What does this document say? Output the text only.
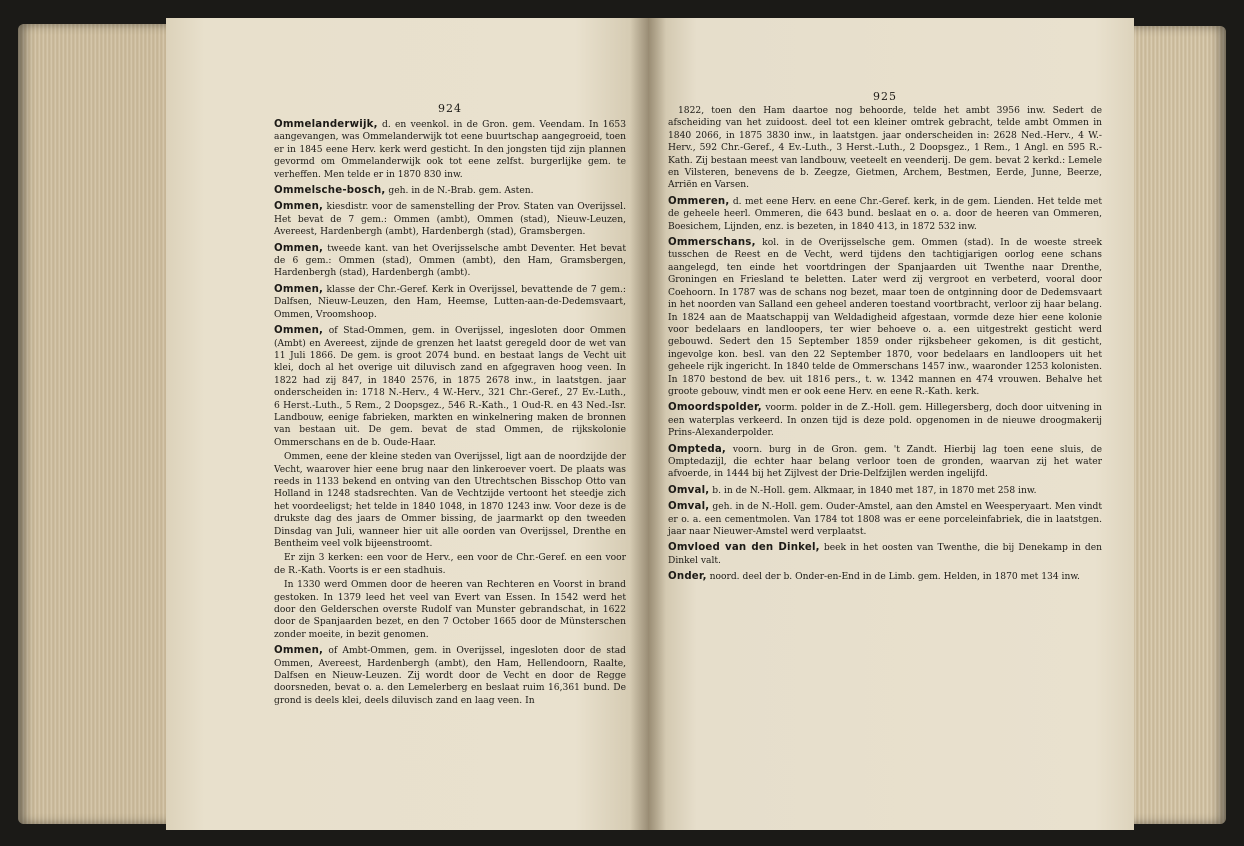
924

Ommelanderwijk, d. en veenkol. in de Gron. gem. Veendam. In 1653 aangevangen, was Ommelanderwijk tot eene buurtschap aangegroeid, toen er in 1845 eene Herv. kerk werd gesticht. In den jongsten tijd zijn plannen gevormd om Ommelanderwijk ook tot eene zelfst. burgerlijke gem. te verheffen. Men telde er in 1870 830 inw.

Ommelsche-bosch, geh. in de N.-Brab. gem. Asten.

Ommen, kiesdistr. voor de samenstelling der Prov. Staten van Overijssel. Het bevat de 7 gem.: Ommen (ambt), Ommen (stad), Nieuw-Leuzen, Avereest, Hardenbergh (ambt), Hardenbergh (stad), Gramsbergen.

Ommen, tweede kant. van het Overijsselsche ambt Deventer. Het bevat de 6 gem.: Ommen (stad), Ommen (ambt), den Ham, Gramsbergen, Hardenbergh (stad), Hardenbergh (ambt).

Ommen, klasse der Chr.-Geref. Kerk in Overijssel, bevattende de 7 gem.: Dalfsen, Nieuw-Leuzen, den Ham, Heemse, Lutten-aan-de-Dedemsvaart, Ommen, Vroomshoop.

Ommen, of Stad-Ommen, gem. in Overijssel, ingesloten door Ommen (Ambt) en Avereest, zijnde de grenzen het laatst geregeld door de wet van 11 Juli 1866. De gem. is groot 2074 bund. en bestaat langs de Vecht uit klei, doch al het overige uit diluvisch zand en afgegraven hoog veen. In 1822 had zij 847, in 1840 2576, in 1875 2678 inw., in laatstgen. jaar onderscheiden in: 1718 N.-Herv., 4 W.-Herv., 321 Chr.-Geref., 27 Ev.-Luth., 6 Herst.-Luth., 5 Rem., 2 Doopsgez., 546 R.-Kath., 1 Oud-R. en 43 Ned.-Isr. Landbouw, eenige fabrieken, markten en winkelnering maken de bronnen van bestaan uit. De gem. bevat de stad Ommen, de rijkskolonie Ommerschans en de b. Oude-Haar.

Ommen, eene der kleine steden van Overijssel, ligt aan de noordzijde der Vecht, waarover hier eene brug naar den linkeroever voert. De plaats was reeds in 1133 bekend en ontving van den Utrechtschen Bisschop Otto van Holland in 1248 stadsrechten. Van de Vechtzijde vertoont het steedje zich het voordeeligst; het telde in 1840 1048, in 1870 1243 inw. Voor deze is de drukste dag des jaars de Ommer bissing, de jaarmarkt op den tweeden Dinsdag van Juli, wanneer hier uit alle oorden van Overijssel, Drenthe en Bentheim veel volk bijeenstroomt.

Er zijn 3 kerken: een voor de Herv., een voor de Chr.-Geref. en een voor de R.-Kath. Voorts is er een stadhuis.

In 1330 werd Ommen door de heeren van Rechteren en Voorst in brand gestoken. In 1379 leed het veel van Evert van Essen. In 1542 werd het door den Gelderschen overste Rudolf van Munster gebrandschat, in 1622 door de Spanjaarden bezet, en den 7 October 1665 door de Münsterschen zonder moeite, in bezit genomen.

Ommen, of Ambt-Ommen, gem. in Overijssel, ingesloten door de stad Ommen, Avereest, Hardenbergh (ambt), den Ham, Hellendoorn, Raalte, Dalfsen en Nieuw-Leuzen. Zij wordt door de Vecht en door de Regge doorsneden, bevat o. a. den Lemelerberg en beslaat ruim 16,361 bund. De grond is deels klei, deels diluvisch zand en laag veen. In

925

1822, toen den Ham daartoe nog behoorde, telde het ambt 3956 inw. Sedert de afscheiding van het zuidoost. deel tot een kleiner omtrek gebracht, telde ambt Ommen in 1840 2066, in 1875 3830 inw., in laatstgen. jaar onderscheiden in: 2628 Ned.-Herv., 4 W.-Herv., 592 Chr.-Geref., 4 Ev.-Luth., 3 Herst.-Luth., 2 Doopsgez., 1 Rem., 1 Angl. en 595 R.-Kath. Zij bestaan meest van landbouw, veeteelt en veenderij. De gem. bevat 2 kerkd.: Lemele en Vilsteren, benevens de b. Zeegze, Gietmen, Archem, Bestmen, Eerde, Junne, Beerze, Arriën en Varsen.

Ommeren, d. met eene Herv. en eene Chr.-Geref. kerk, in de gem. Lienden. Het telde met de geheele heerl. Ommeren, die 643 bund. beslaat en o. a. door de heeren van Ommeren, Boesichem, Lijnden, enz. is bezeten, in 1840 413, in 1872 532 inw.

Ommerschans, kol. in de Overijsselsche gem. Ommen (stad). In de woeste streek tusschen de Reest en de Vecht, werd tijdens den tachtigjarigen oorlog eene schans aangelegd, ten einde het voortdringen der Spanjaarden uit Twenthe naar Drenthe, Groningen en Friesland te beletten. Later werd zij vergroot en verbeterd, vooral door Coehoorn. In 1787 was de schans nog bezet, maar toen de ontginning door de Dedemsvaart in het noorden van Salland een geheel anderen toestand voortbracht, verloor zij haar belang. In 1824 aan de Maatschappij van Weldadigheid afgestaan, vormde deze hier eene kolonie voor bedelaars en landloopers, ter wier behoeve o. a. een uitgestrekt gesticht werd gebouwd. Sedert den 15 September 1859 onder rijksbeheer gekomen, is dit gesticht, ingevolge kon. besl. van den 22 September 1870, voor bedelaars en landloopers uit het geheele rijk ingericht. In 1840 telde de Ommerschans 1457 inw., waaronder 1253 kolonisten. In 1870 bestond de bev. uit 1816 pers., t. w. 1342 mannen en 474 vrouwen. Behalve het groote gebouw, vindt men er ook eene Herv. en eene R.-Kath. kerk.

Omoordspolder, voorm. polder in de Z.-Holl. gem. Hillegersberg, doch door uitvening in een waterplas verkeerd. In onzen tijd is deze pold. opgenomen in de nieuwe droogmakerij Prins-Alexanderpolder.

Ompteda, voorn. burg in de Gron. gem. 't Zandt. Hierbij lag toen eene sluis, de Omptedazijl, die echter haar belang verloor toen de gronden, waarvan zij het water afvoerde, in 1444 bij het Zijlvest der Drie-Delfzijlen werden ingelijfd.

Omval, b. in de N.-Holl. gem. Alkmaar, in 1840 met 187, in 1870 met 258 inw.

Omval, geh. in de N.-Holl. gem. Ouder-Amstel, aan den Amstel en Weesperyaart. Men vindt er o. a. een cementmolen. Van 1784 tot 1808 was er eene porceleinfabriek, die in laatstgen. jaar naar Nieuwer-Amstel werd verplaatst.

Omvloed van den Dinkel, beek in het oosten van Twenthe, die bij Denekamp in den Dinkel valt.

Onder, noord. deel der b. Onder-en-End in de Limb. gem. Helden, in 1870 met 134 inw.
